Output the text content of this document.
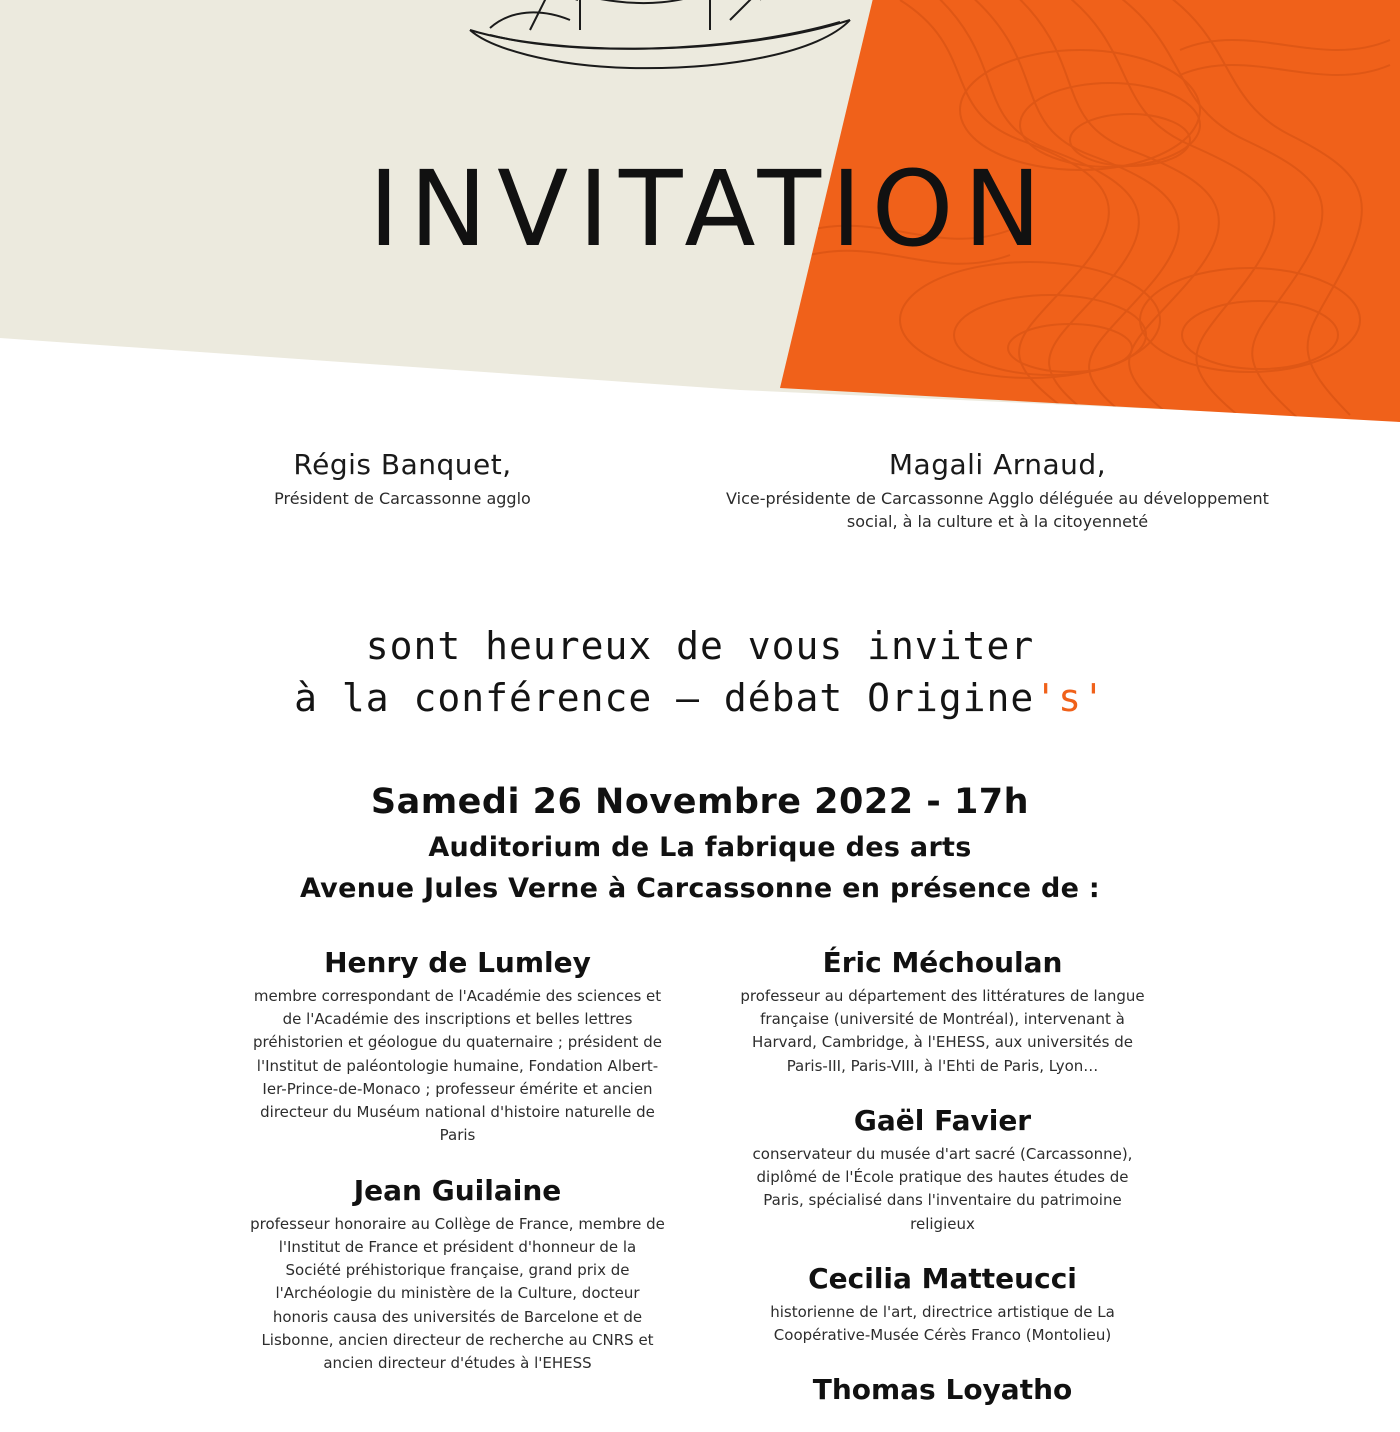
INVITATION
Régis Banquet,
Président de Carcassonne agglo
Magali Arnaud,
Vice-présidente de Carcassonne Agglo déléguée au développement social, à la culture et à la citoyenneté
sont heureux de vous inviter
à la conférence – débat Origine's'
Samedi 26 Novembre 2022 - 17h
Auditorium de La fabrique des arts
Avenue Jules Verne à Carcassonne en présence de :
Henry de Lumley
membre correspondant de l'Académie des sciences et de l'Académie des inscriptions et belles lettres préhistorien et géologue du quaternaire ; président de l'Institut de paléontologie humaine, Fondation Albert-Ier-Prince-de-Monaco ; professeur émérite et ancien directeur du Muséum national d'histoire naturelle de Paris
Jean Guilaine
professeur honoraire au Collège de France, membre de l'Institut de France et président d'honneur de la Société préhistorique française, grand prix de l'Archéologie du ministère de la Culture, docteur honoris causa des universités de Barcelone et de Lisbonne, ancien directeur de recherche au CNRS et ancien directeur d'études à l'EHESS
Éric Méchoulan
professeur au département des littératures de langue française (université de Montréal), intervenant à Harvard, Cambridge, à l'EHESS, aux universités de Paris-III, Paris-VIII, à l'Ehti de Paris, Lyon…
Gaël Favier
conservateur du musée d'art sacré (Carcassonne), diplômé de l'École pratique des hautes études de Paris, spécialisé dans l'inventaire du patrimoine religieux
Cecilia Matteucci
historienne de l'art, directrice artistique de La Coopérative-Musée Cérès Franco (Montolieu)
Thomas Loyatho
